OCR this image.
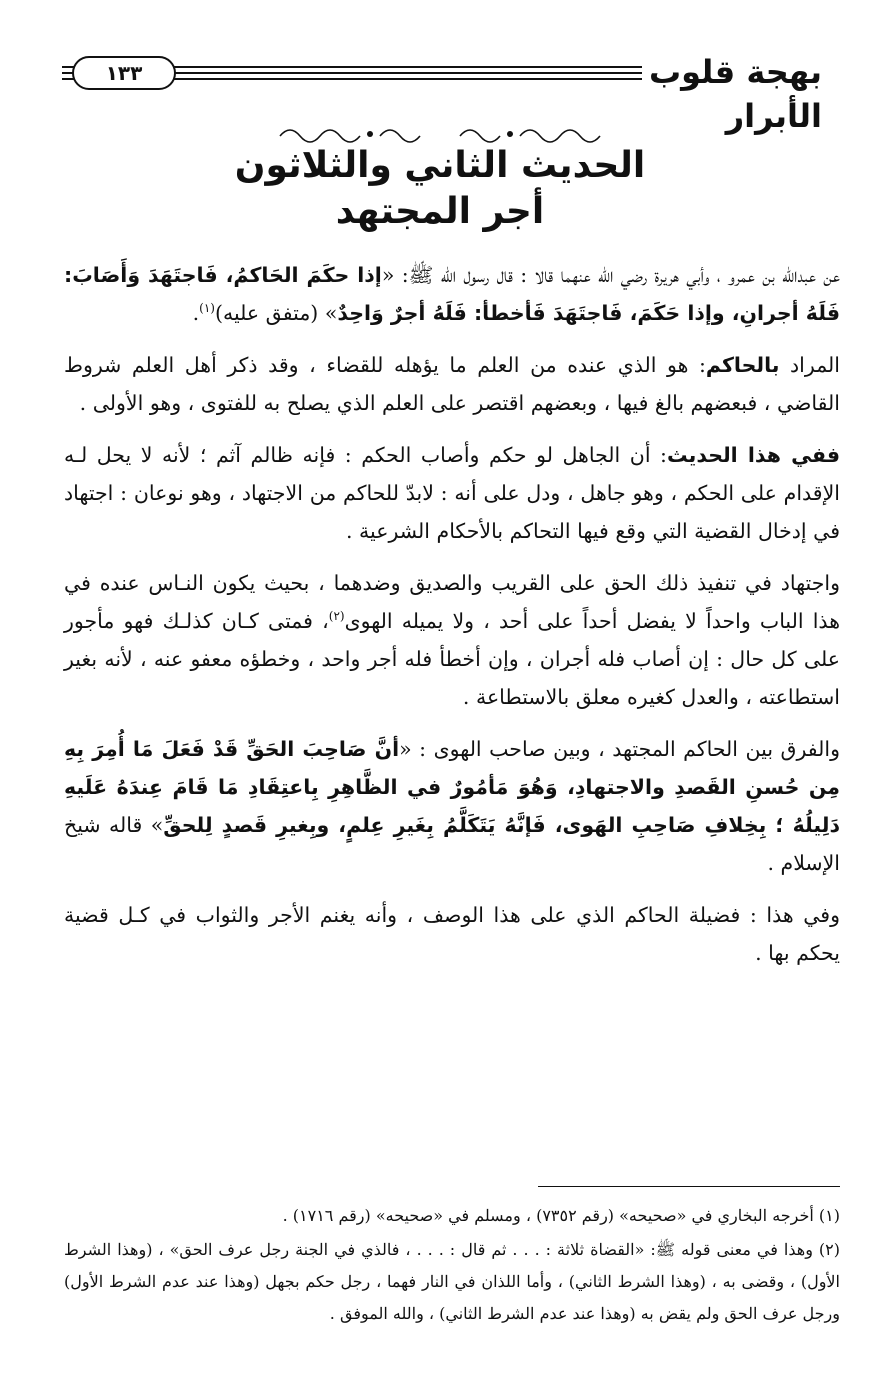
١٣٣	بهجة قلوب الأبرار
الحديث الثاني والثلاثون
أجر المجتهد

عن عبدالله بن عمرو ، وأبي هريرة رضي الله عنهما قالا : قال رسول الله ﷺ: «إذا حكَمَ الحَاكمُ، فَاجتَهَدَ وَأَصَابَ: فَلَهُ أجرانِ، وإذا حَكَمَ، فَاجتَهَدَ فَأخطأ: فَلَهُ أجرٌ وَاحِدٌ» (متفق عليه)$^{(١)}$.

المراد بالحاكم: هو الذي عنده من العلم ما يؤهله للقضاء ، وقد ذكر أهل العلم شروط القاضي ، فبعضهم بالغ فيها ، وبعضهم اقتصر على العلم الذي يصلح به للفتوى ، وهو الأولى .

ففي هذا الحديث: أن الجاهل لو حكم وأصاب الحكم : فإنه ظالم آثم ؛ لأنه لا يحل لـه الإقدام على الحكم ، وهو جاهل ، ودل على أنه : لابدّ للحاكم من الاجتهاد ، وهو نوعان : اجتهاد في إدخال القضية التي وقع فيها التحاكم بالأحكام الشرعية .

واجتهاد في تنفيذ ذلك الحق على القريب والصديق وضدهما ، بحيث يكون النـاس عنده في هذا الباب واحداً لا يفضل أحداً على أحد ، ولا يميله الهوى$^{(٢)}$، فمتى كـان كذلـك فهو مأجور على كل حال : إن أصاب فله أجران ، وإن أخطأ فله أجر واحد ، وخطؤه معفو عنه ، لأنه بغير استطاعته ، والعدل كغيره معلق بالاستطاعة .

والفرق بين الحاكم المجتهد ، وبين صاحب الهوى : «أنَّ صَاحِبَ الحَقِّ قَدْ فَعَلَ مَا أُمِرَ بِهِ مِن حُسنِ القَصدِ والاجتهادِ، وَهُوَ مَأمُورٌ في الظَّاهِرِ بِاعتِقَادِ مَا قَامَ عِندَهُ عَلَيهِ دَلِيلُهُ ؛ بِخِلافِ صَاحِبِ الهَوى، فَإنَّهُ يَتَكَلَّمُ بِغَيرِ عِلمٍ، وبِغيرِ قَصدٍ لِلحقِّ» قاله شيخ الإسلام .

وفي هذا : فضيلة الحاكم الذي على هذا الوصف ، وأنه يغنم الأجر والثواب في كـل قضية يحكم بها .

(١) أخرجه البخاري في «صحيحه» (رقم ٧٣٥٢) ، ومسلم في «صحيحه» (رقم ١٧١٦) .

(٢) وهذا في معنى قوله ﷺ: «القضاة ثلاثة : . . . ثم قال : . . . ، فالذي في الجنة رجل عرف الحق» ، (وهذا الشرط الأول) ، وقضى به ، (وهذا الشرط الثاني) ، وأما اللذان في النار فهما ، رجل حكم بجهل (وهذا عند عدم الشرط الأول) ورجل عرف الحق ولم يقض به (وهذا عند عدم الشرط الثاني) ، والله الموفق .
